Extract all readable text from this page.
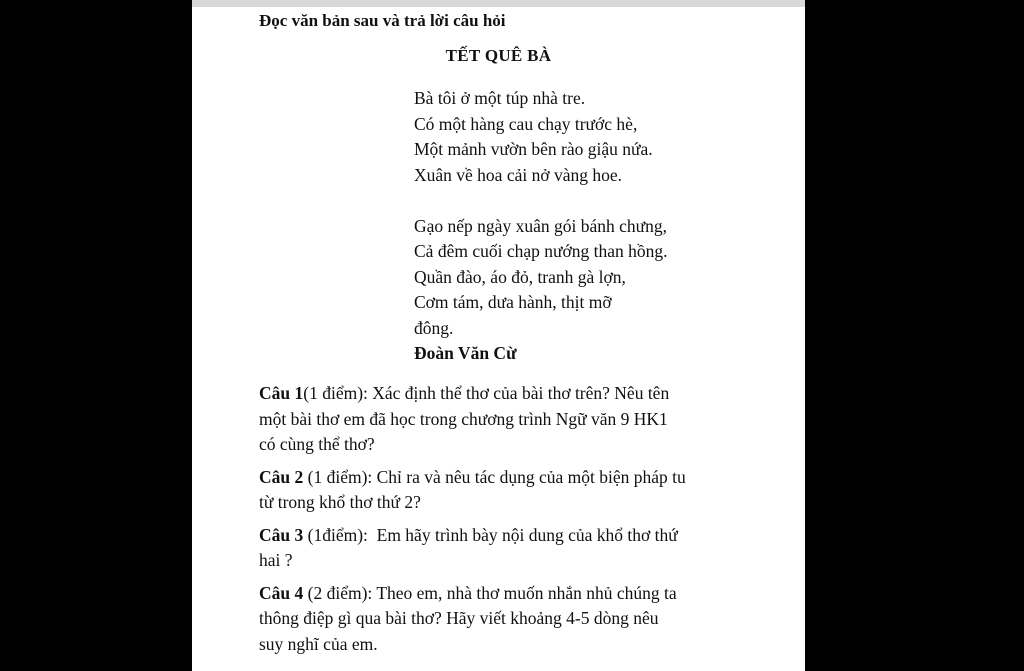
Đọc văn bản sau và trả lời câu hỏi
TẾT QUÊ BÀ
Bà tôi ở một túp nhà tre.
Có một hàng cau chạy trước hè,
Một mảnh vườn bên rào giậu nứa.
Xuân về hoa cải nở vàng hoe.
Gạo nếp ngày xuân gói bánh chưng,
Cả đêm cuối chạp nướng than hồng.
Quần đào, áo đỏ, tranh gà lợn,
Cơm tám, dưa hành, thịt mỡ
đông.
Đoàn Văn Cừ
Câu 1(1 điểm): Xác định thể thơ của bài thơ trên? Nêu tên
một bài thơ em đã học trong chương trình Ngữ văn 9 HK1
có cùng thể thơ?
Câu 2 (1 điểm): Chỉ ra và nêu tác dụng của một biện pháp tu
từ trong khổ thơ thứ 2?
Câu 3 (1điểm):  Em hãy trình bày nội dung của khổ thơ thứ
hai ?
Câu 4 (2 điểm): Theo em, nhà thơ muốn nhắn nhủ chúng ta
thông điệp gì qua bài thơ? Hãy viết khoảng 4-5 dòng nêu
suy nghĩ của em.
